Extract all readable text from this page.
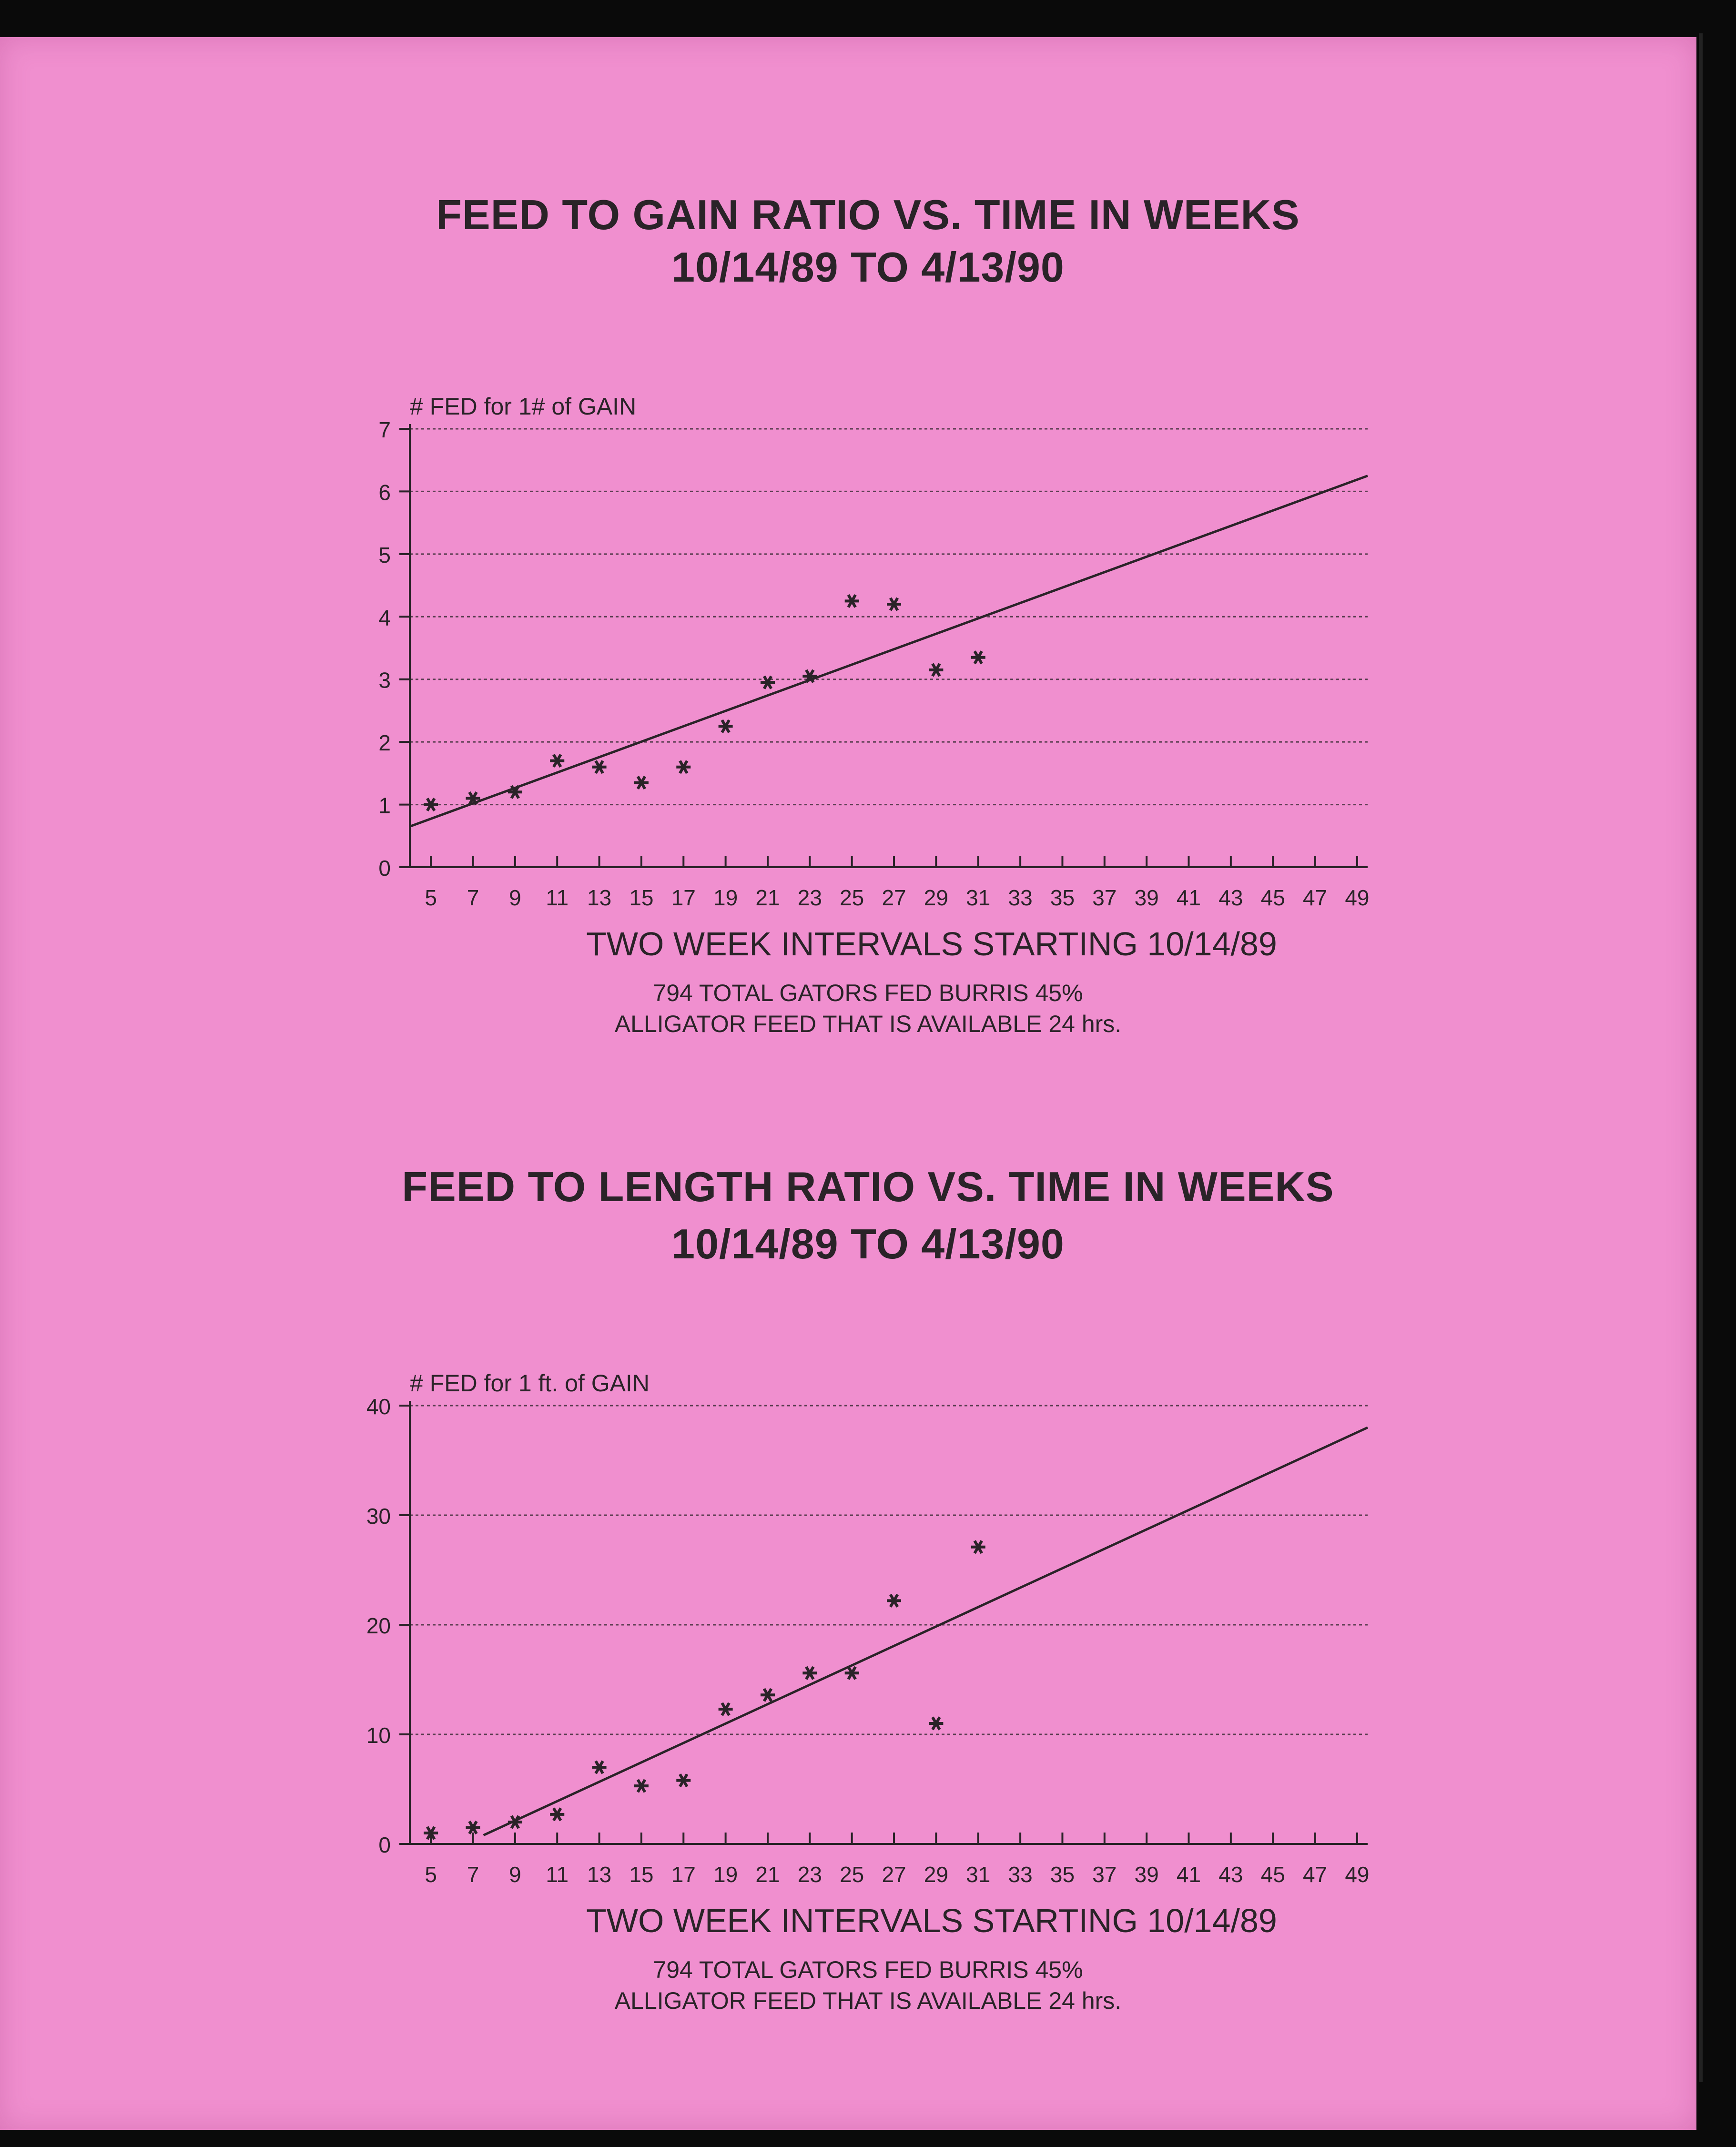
FEED TO GAIN RATIO VS. TIME IN WEEKS
10/14/89 TO 4/13/90
# FED for 1# of GAIN
0
1
2
3
4
5
6
7
5 7 9 11 13 15 17 19 21 23 25 27 29 31 33 35 37 39 41 43 45 47 49
TWO WEEK INTERVALS STARTING 10/14/89
794 TOTAL GATORS FED BURRIS 45%
ALLIGATOR FEED THAT IS AVAILABLE 24 hrs.
FEED TO LENGTH RATIO VS. TIME IN WEEKS
10/14/89 TO 4/13/90
# FED for 1 ft. of GAIN
0
10
20
30
40
5 7 9 11 13 15 17 19 21 23 25 27 29 31 33 35 37 39 41 43 45 47 49
TWO WEEK INTERVALS STARTING 10/14/89
794 TOTAL GATORS FED BURRIS 45%
ALLIGATOR FEED THAT IS AVAILABLE 24 hrs.
